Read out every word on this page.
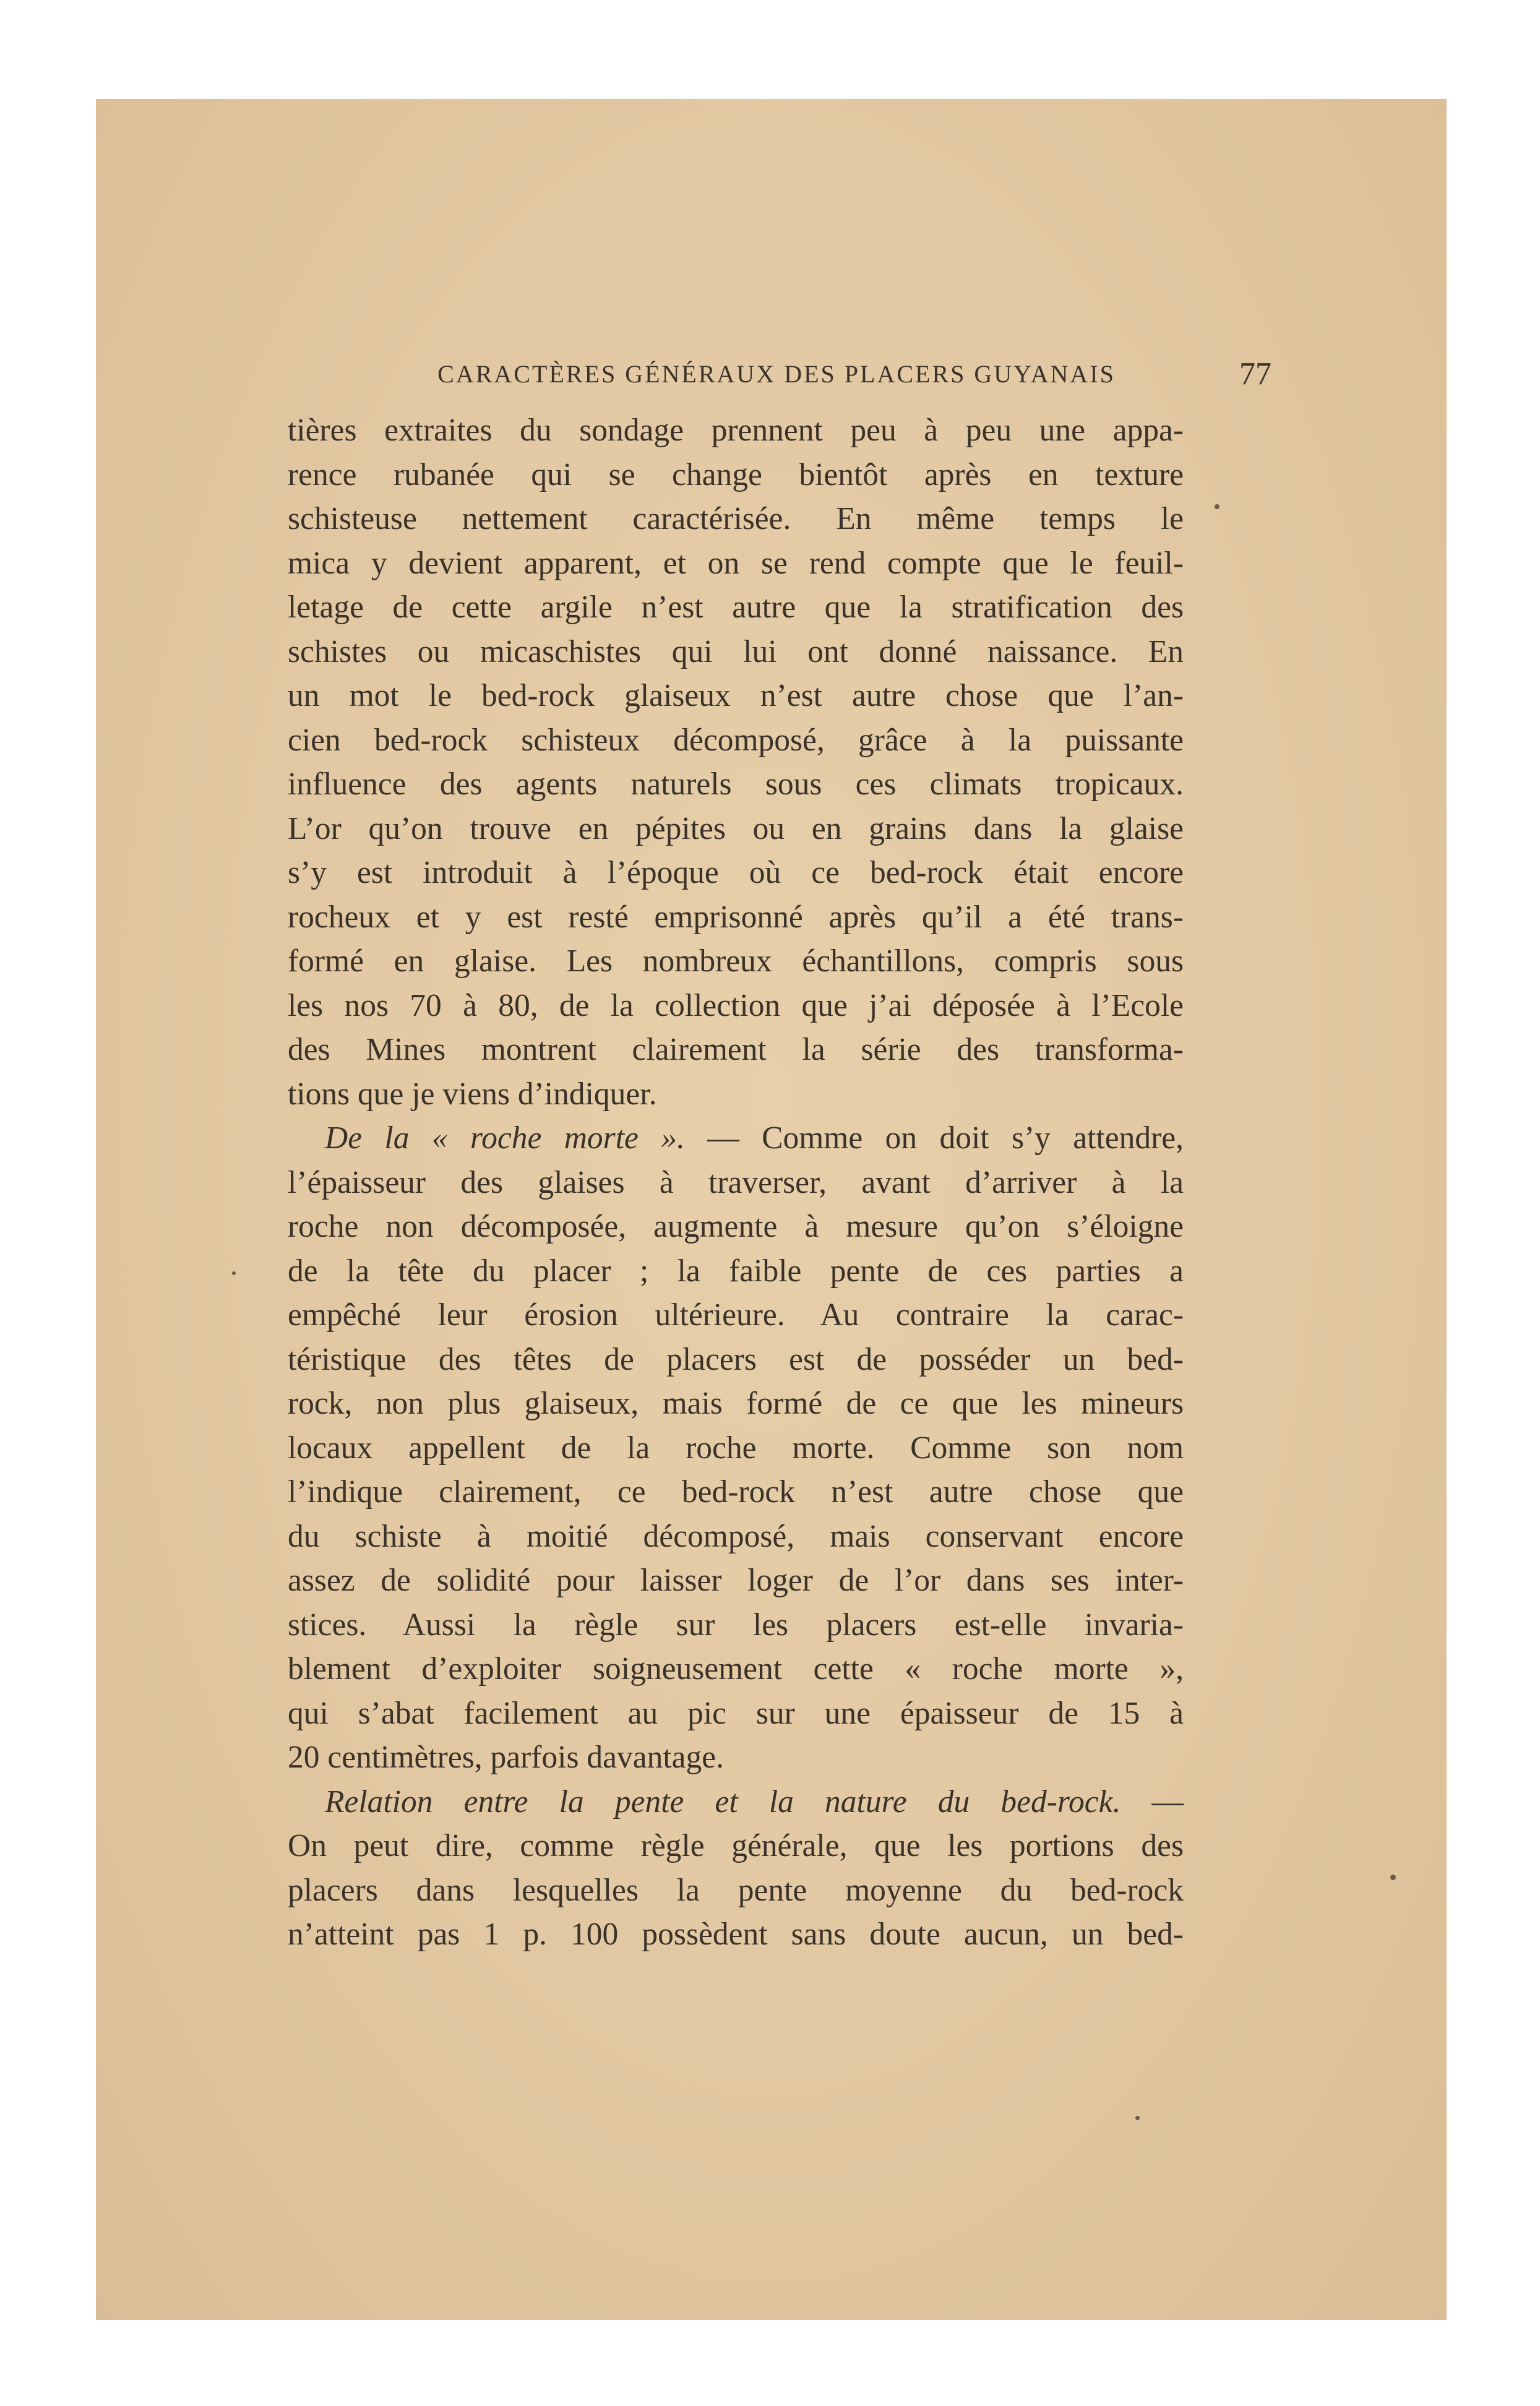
CARACTÈRES GÉNÉRAUX DES PLACERS GUYANAIS	77
tières extraites du sondage prennent peu à peu une appa-
rence rubanée qui se change bientôt après en texture
schisteuse nettement caractérisée. En même temps le
mica y devient apparent, et on se rend compte que le feuil-
letage de cette argile n’est autre que la stratification des
schistes ou micaschistes qui lui ont donné naissance. En
un mot le bed-rock glaiseux n’est autre chose que l’an-
cien bed-rock schisteux décomposé, grâce à la puissante
influence des agents naturels sous ces climats tropicaux.
L’or qu’on trouve en pépites ou en grains dans la glaise
s’y est introduit à l’époque où ce bed-rock était encore
rocheux et y est resté emprisonné après qu’il a été trans-
formé en glaise. Les nombreux échantillons, compris sous
les nos 70 à 80, de la collection que j’ai déposée à l’Ecole
des Mines montrent clairement la série des transforma-
tions que je viens d’indiquer.
De la « roche morte ». — Comme on doit s’y attendre,
l’épaisseur des glaises à traverser, avant d’arriver à la
roche non décomposée, augmente à mesure qu’on s’éloigne
de la tête du placer ; la faible pente de ces parties a
empêché leur érosion ultérieure. Au contraire la carac-
téristique des têtes de placers est de posséder un bed-
rock, non plus glaiseux, mais formé de ce que les mineurs
locaux appellent de la roche morte. Comme son nom
l’indique clairement, ce bed-rock n’est autre chose que
du schiste à moitié décomposé, mais conservant encore
assez de solidité pour laisser loger de l’or dans ses inter-
stices. Aussi la règle sur les placers est-elle invaria-
blement d’exploiter soigneusement cette « roche morte »,
qui s’abat facilement au pic sur une épaisseur de 15 à
20 centimètres, parfois davantage.
Relation entre la pente et la nature du bed-rock. —
On peut dire, comme règle générale, que les portions des
placers dans lesquelles la pente moyenne du bed-rock
n’atteint pas 1 p. 100 possèdent sans doute aucun, un bed-
